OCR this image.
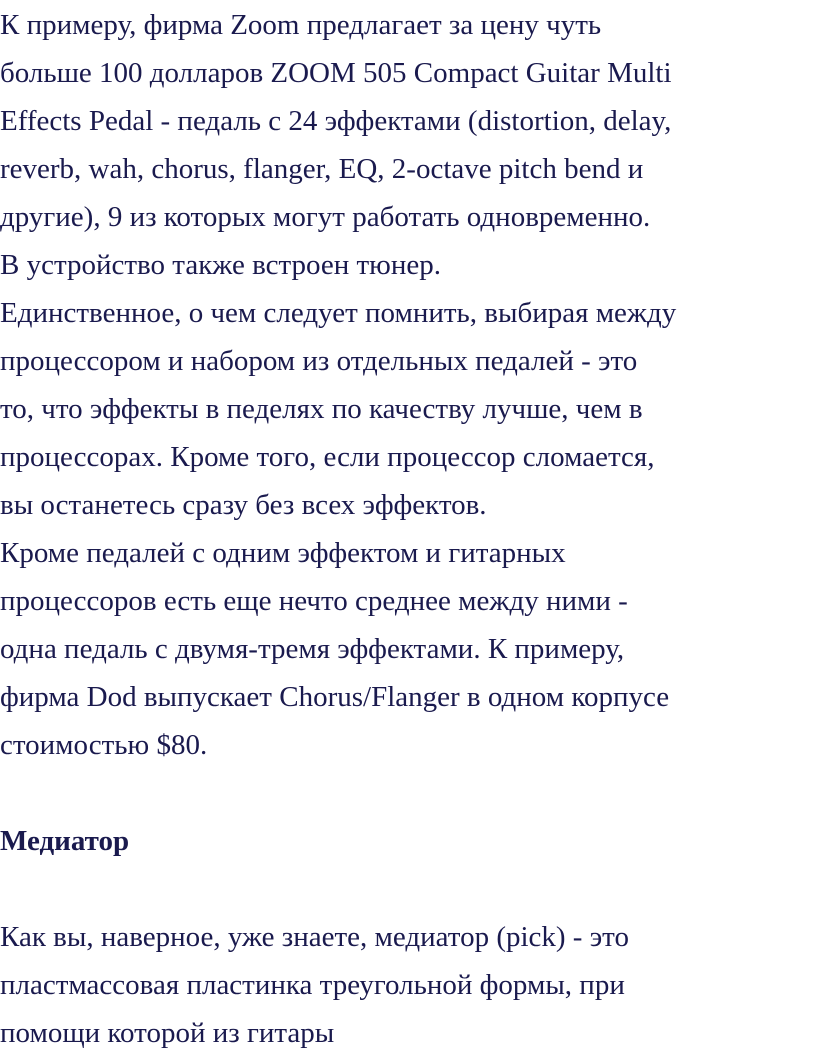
К примеру, фирма Zoom предлагает за цену чуть
больше 100 долларов ZOOM 505 Compact Guitar Multi
Effects Pedal - педаль с 24 эффектами (distortion, delay,
reverb, wah, chorus, flanger, EQ, 2-octave pitch bend и
другие), 9 из которых могут работать одновременно.
В устройство также встроен тюнер.
Единственное, о чем следует помнить, выбирая между
процессором и набором из отдельных педалей - это
то, что эффекты в педелях по качеству лучше, чем в
процессорах. Кроме того, если процессор сломается,
вы останетесь сразу без всех эффектов.
Кроме педалей с одним эффектом и гитарных
процессоров есть еще нечто среднее между ними -
одна педаль с двумя-тремя эффектами. К примеру,
фирма Dod выпускает Chorus/Flanger в одном корпусе
стоимостью $80.
Медиатор
Как вы, наверное, уже знаете, медиатор (pick) - это
пластмассовая пластинка треугольной формы, при
помощи которой из гитары
